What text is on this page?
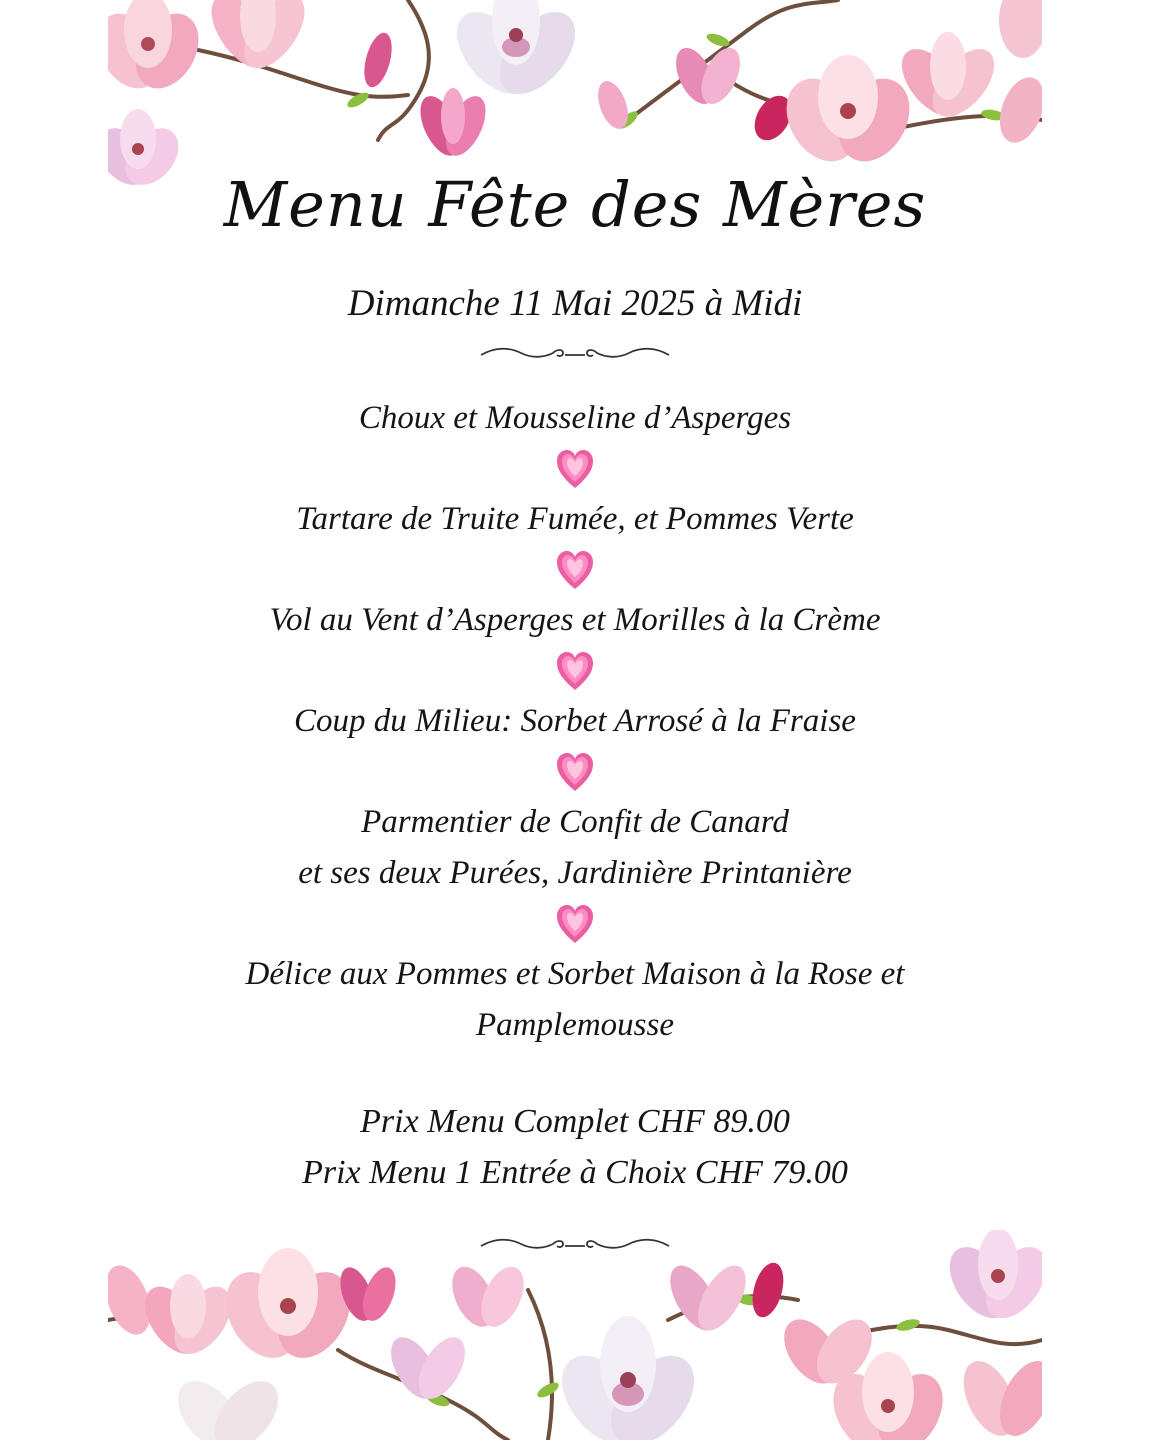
Menu Fête des Mères
Dimanche 11 Mai 2025 à Midi
Choux et Mousseline d’Asperges
Tartare de Truite Fumée, et Pommes Verte
Vol au Vent d’Asperges et Morilles à la Crème
Coup du Milieu: Sorbet Arrosé à la Fraise
Parmentier de Confit de Canard
et ses deux Purées, Jardinière Printanière
Délice aux Pommes et Sorbet Maison à la Rose et
Pamplemousse
Prix Menu Complet CHF 89.00
Prix Menu 1 Entrée à Choix CHF 79.00
